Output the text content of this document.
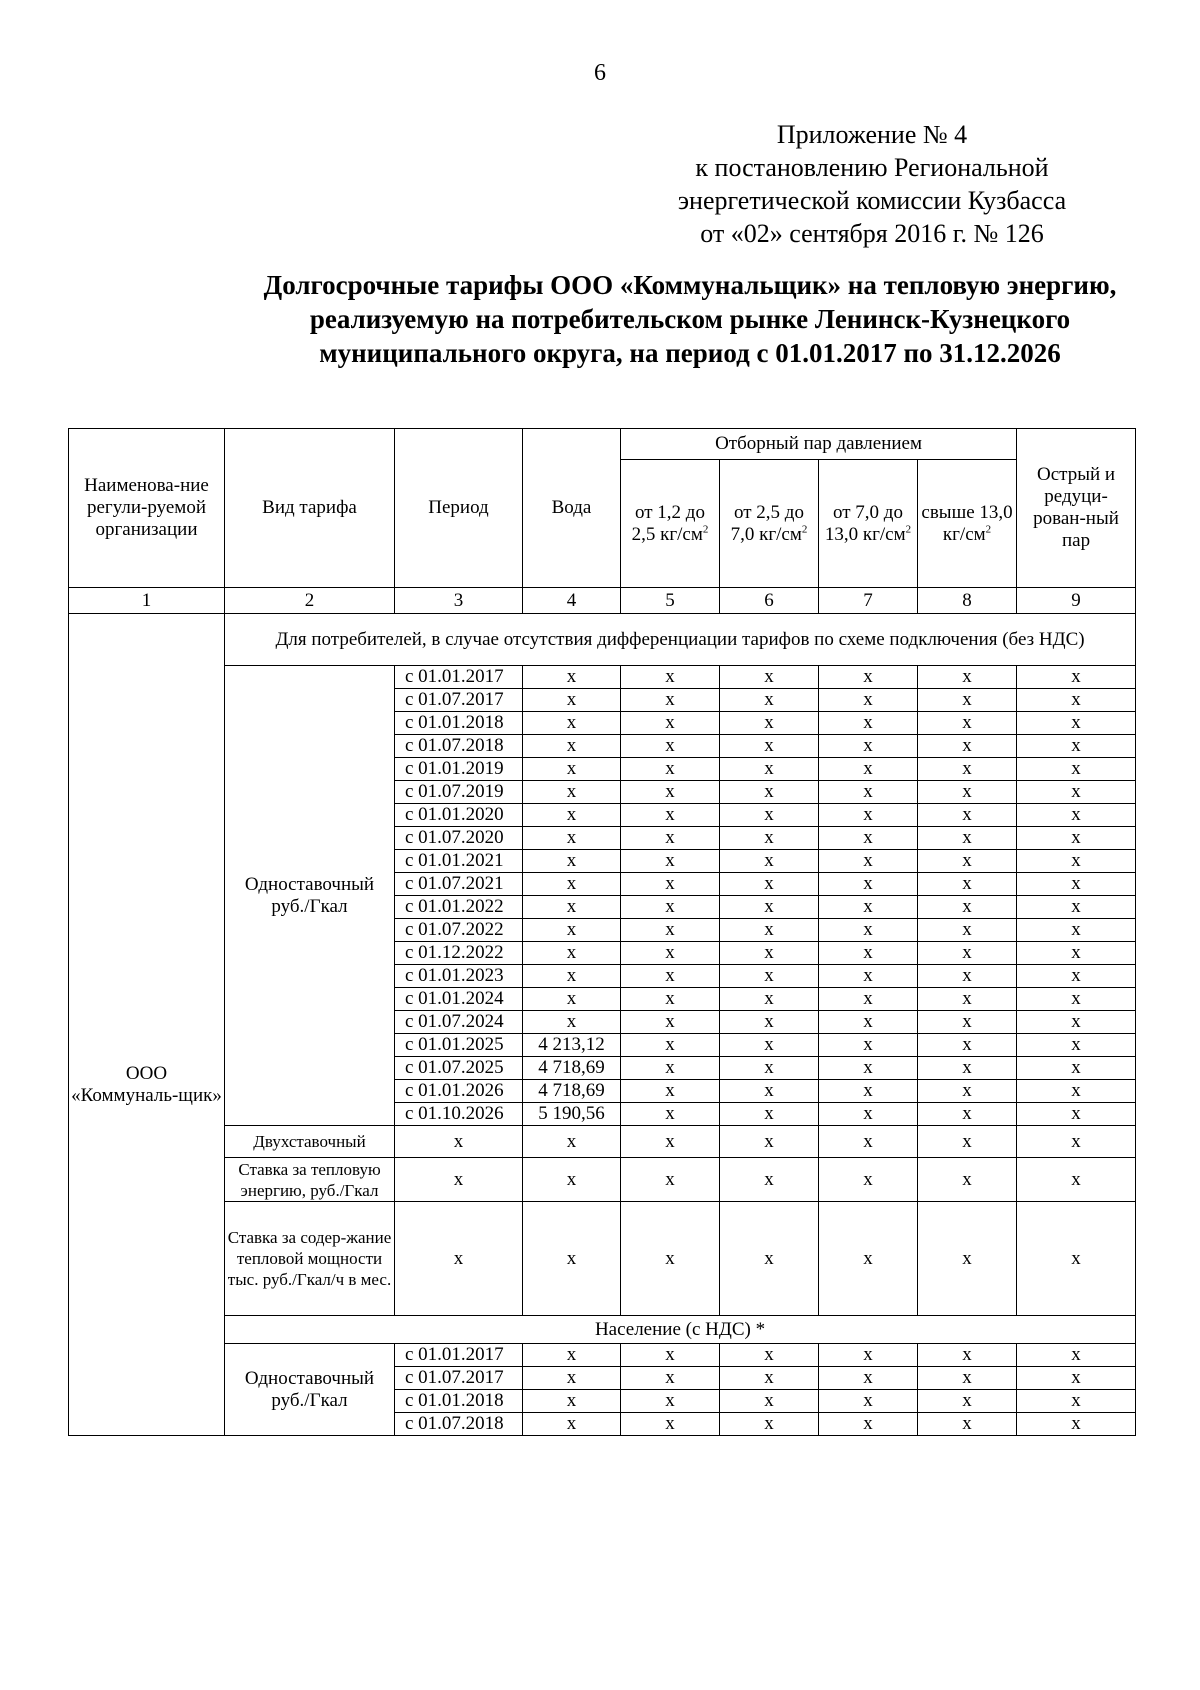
6
Приложение № 4
к постановлению Региональной
энергетической комиссии Кузбасса
от «02» сентября 2016 г. № 126
Долгосрочные тарифы ООО «Коммунальщик» на тепловую энергию,
реализуемую на потребительском рынке Ленинск-Кузнецкого
муниципального округа, на период с 01.01.2017 по 31.12.2026
Наименова-ние регули-руемой организации	Вид тарифа	Период	Вода	Отборный пар давлением				Острый и редуци-рован-ный пар
				от 1,2 до 2,5 $кг/см^2$	от 2,5 до 7,0 $кг/см^2$	от 7,0 до 13,0 $кг/см^2$	свыше 13,0 $кг/см^2$
1	2	3	4	5	6	7	8	9
ООО «Коммуналь-щик»	Для потребителей, в случае отсутствия дифференциации тарифов по схеме подключения (без НДС)							
	Одноставочный руб./Гкал	с 01.01.2017	х	х	х	х	х	х
		с 01.07.2017	х	х	х	х	х	х
		с 01.01.2018	х	х	х	х	х	х
		с 01.07.2018	х	х	х	х	х	х
		с 01.01.2019	х	х	х	х	х	х
		с 01.07.2019	х	х	х	х	х	х
		с 01.01.2020	х	х	х	х	х	х
		с 01.07.2020	х	х	х	х	х	х
		с 01.01.2021	х	х	х	х	х	х
		с 01.07.2021	х	х	х	х	х	х
		с 01.01.2022	х	х	х	х	х	х
		с 01.07.2022	х	х	х	х	х	х
		с 01.12.2022	х	х	х	х	х	х
		с 01.01.2023	х	х	х	х	х	х
		с 01.01.2024	х	х	х	х	х	х
		с 01.07.2024	х	х	х	х	х	х
		с 01.01.2025	4 213,12	х	х	х	х	х
		с 01.07.2025	4 718,69	х	х	х	х	х
		с 01.01.2026	4 718,69	х	х	х	х	х
		с 01.10.2026	5 190,56	х	х	х	х	х
	Двухставочный	х	х	х	х	х	х	х
	Ставка за тепловую энергию, руб./Гкал	х	х	х	х	х	х	х
	Ставка за содер-жание тепловой мощности тыс. руб./Гкал/ч в мес.	х	х	х	х	х	х	х
	Население (с НДС) *							
	Одноставочный руб./Гкал	с 01.01.2017	х	х	х	х	х	х
		с 01.07.2017	х	х	х	х	х	х
		с 01.01.2018	х	х	х	х	х	х
		с 01.07.2018	х	х	х	х	х	х
